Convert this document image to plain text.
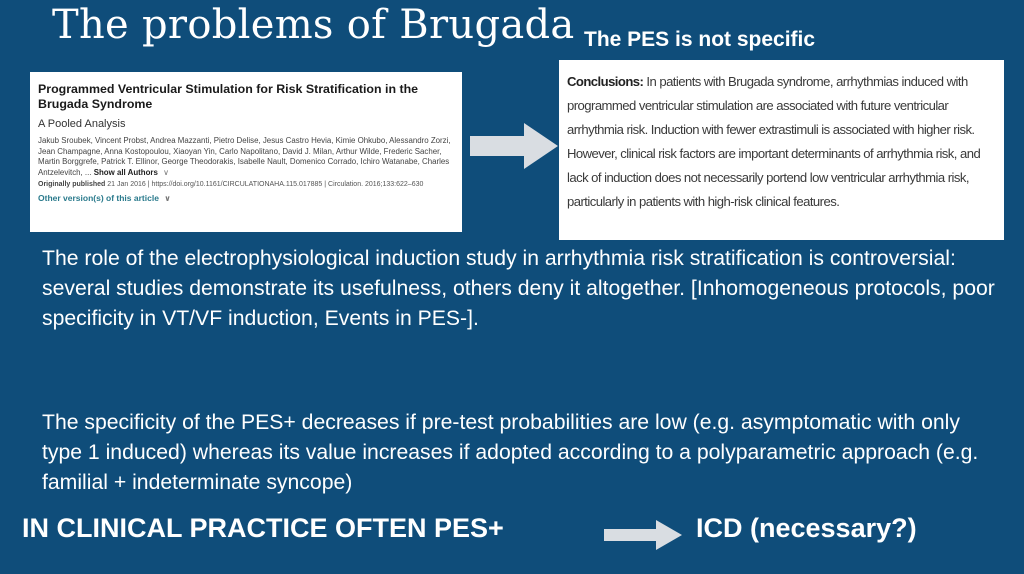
The problems of Brugada The PES is not specific
Programmed Ventricular Stimulation for Risk Stratification in the Brugada Syndrome
A Pooled Analysis
Jakub Sroubek, Vincent Probst, Andrea Mazzanti, Pietro Delise, Jesus Castro Hevia, Kimie Ohkubo, Alessandro Zorzi, Jean Champagne, Anna Kostopoulou, Xiaoyan Yin, Carlo Napolitano, David J. Milan, Arthur Wilde, Frederic Sacher, Martin Borggrefe, Patrick T. Ellinor, George Theodorakis, Isabelle Nault, Domenico Corrado, Ichiro Watanabe, Charles Antzelevitch, ... Show all Authors ∨
Originally published 21 Jan 2016 | https://doi.org/10.1161/CIRCULATIONAHA.115.017885 | Circulation. 2016;133:622–630
Other version(s) of this article ∨
Conclusions: In patients with Brugada syndrome, arrhythmias induced with programmed ventricular stimulation are associated with future ventricular arrhythmia risk. Induction with fewer extrastimuli is associated with higher risk. However, clinical risk factors are important determinants of arrhythmia risk, and lack of induction does not necessarily portend low ventricular arrhythmia risk, particularly in patients with high-risk clinical features.
The role of the electrophysiological induction study in arrhythmia risk stratification is controversial: several studies demonstrate its usefulness, others deny it altogether. [Inhomogeneous protocols, poor specificity in VT/VF induction, Events in PES-].
The specificity of the PES+ decreases if pre-test probabilities are low (e.g. asymptomatic with only type 1 induced) whereas its value increases if adopted according to a polyparametric approach (e.g. familial + indeterminate syncope)
IN CLINICAL PRACTICE OFTEN PES+	ICD (necessary?)
